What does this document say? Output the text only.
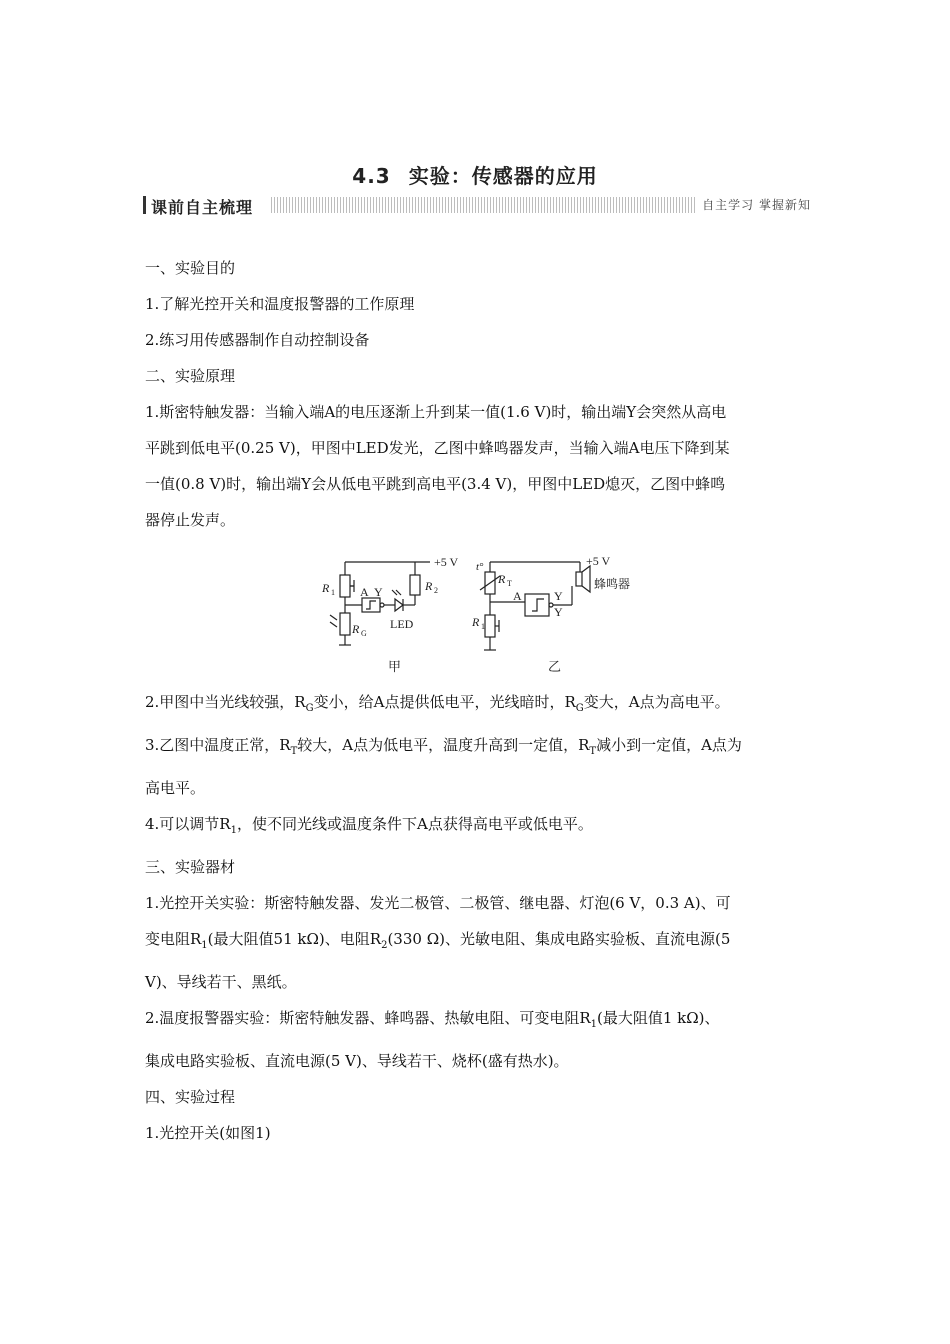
4.3 实验：传感器的应用
课前自主梳理	自主学习 掌握新知

一、实验目的

1.了解光控开关和温度报警器的工作原理

2.练习用传感器制作自动控制设备

二、实验原理

1.斯密特触发器：当输入端A的电压逐渐上升到某一值(1.6 V)时，输出端Y会突然从高电

平跳到低电平(0.25 V)，甲图中LED发光，乙图中蜂鸣器发声，当输入端A电压下降到某

一值(0.8 V)时，输出端Y会从低电平跳到高电平(3.4 V)，甲图中LED熄灭，乙图中蜂鸣

器停止发声。

+5 V
R 1	R 2
R G
A Y
LED
甲
+5 V
t°
R T
R 1
A	Y
Y
蜂鸣器
乙

2.甲图中当光线较强，$R_G$变小，给A点提供低电平，光线暗时，$R_G$变大，A点为高电平。

3.乙图中温度正常，$R_T$较大，A点为低电平，温度升高到一定值，$R_T$减小到一定值，A点为

高电平。

4.可以调节$R_1$，使不同光线或温度条件下A点获得高电平或低电平。

三、实验器材

1.光控开关实验：斯密特触发器、发光二极管、二极管、继电器、灯泡(6 V，0.3 A)、可

变电阻$R_1$(最大阻值51 kΩ)、电阻$R_2(330$ Ω)、光敏电阻、集成电路实验板、直流电源(5

V)、导线若干、黑纸。

2.温度报警器实验：斯密特触发器、蜂鸣器、热敏电阻、可变电阻$R_1$(最大阻值1 kΩ)、

集成电路实验板、直流电源(5 V)、导线若干、烧杯(盛有热水)。

四、实验过程

1.光控开关(如图1)
